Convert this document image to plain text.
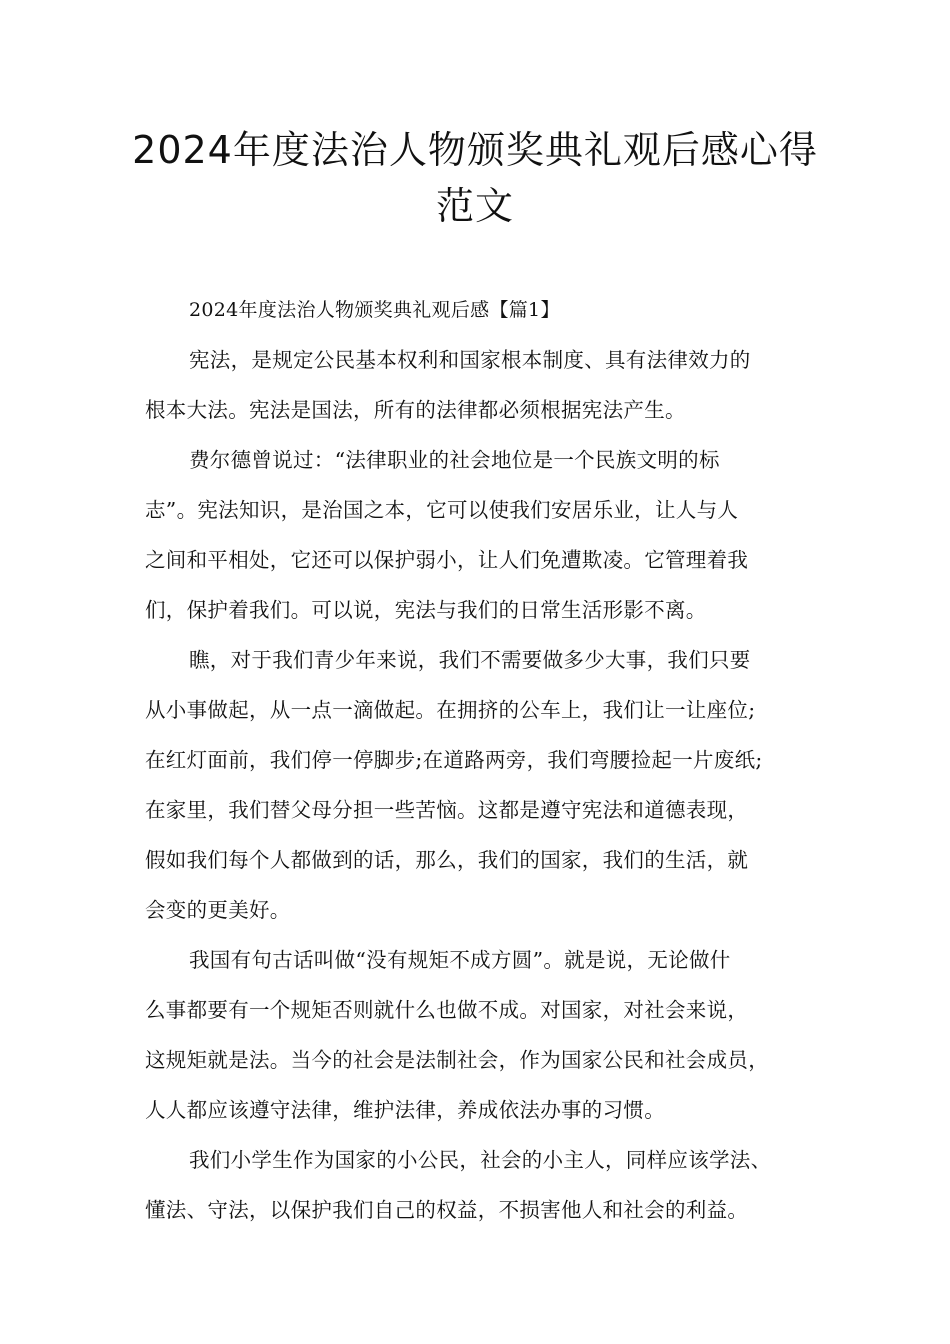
2024年度法治人物颁奖典礼观后感心得
范文
2024年度法治人物颁奖典礼观后感【篇1】
宪法，是规定公民基本权利和国家根本制度、具有法律效力的
根本大法。宪法是国法，所有的法律都必须根据宪法产生。
费尔德曾说过：“法律职业的社会地位是一个民族文明的标
志”。宪法知识，是治国之本，它可以使我们安居乐业，让人与人
之间和平相处，它还可以保护弱小，让人们免遭欺凌。它管理着我
们，保护着我们。可以说，宪法与我们的日常生活形影不离。
瞧，对于我们青少年来说，我们不需要做多少大事，我们只要
从小事做起，从一点一滴做起。在拥挤的公车上，我们让一让座位;
在红灯面前，我们停一停脚步;在道路两旁，我们弯腰捡起一片废纸;
在家里，我们替父母分担一些苦恼。这都是遵守宪法和道德表现，
假如我们每个人都做到的话，那么，我们的国家，我们的生活，就
会变的更美好。
我国有句古话叫做“没有规矩不成方圆”。就是说，无论做什
么事都要有一个规矩否则就什么也做不成。对国家，对社会来说，
这规矩就是法。当今的社会是法制社会，作为国家公民和社会成员，
人人都应该遵守法律，维护法律，养成依法办事的习惯。
我们小学生作为国家的小公民，社会的小主人，同样应该学法、
懂法、守法，以保护我们自己的权益，不损害他人和社会的利益。
